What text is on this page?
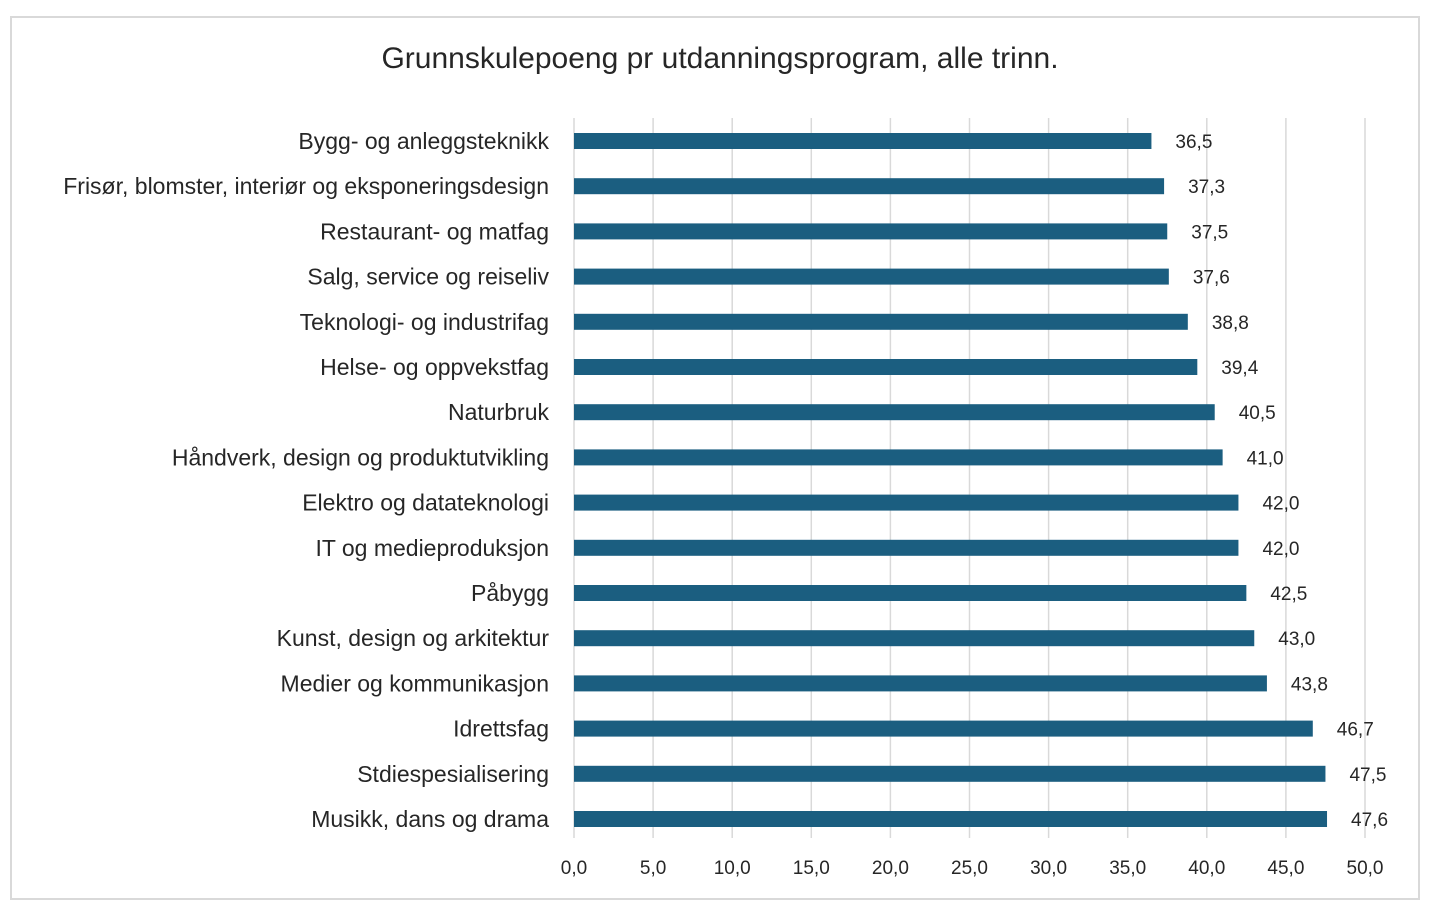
Grunnskulepoeng pr utdanningsprogram, alle trinn.
Bygg- og anleggsteknikk
Frisør, blomster, interiør og eksponeringsdesign
Restaurant- og matfag
Salg, service og reiseliv
Teknologi- og industrifag
Helse- og oppvekstfag
Naturbruk
Håndverk, design og produktutvikling
Elektro og datateknologi
IT og medieproduksjon
Påbygg
Kunst, design og arkitektur
Medier og kommunikasjon
Idrettsfag
Stdiespesialisering
Musikk, dans og drama
36,5
37,3
37,5
37,6
38,8
39,4
40,5
41,0
42,0
42,0
42,5
43,0
43,8
46,7
47,5
47,6
0,0	5,0 10,0 15,0 20,0 25,0 30,0 35,0 40,0 45,0 50,0
